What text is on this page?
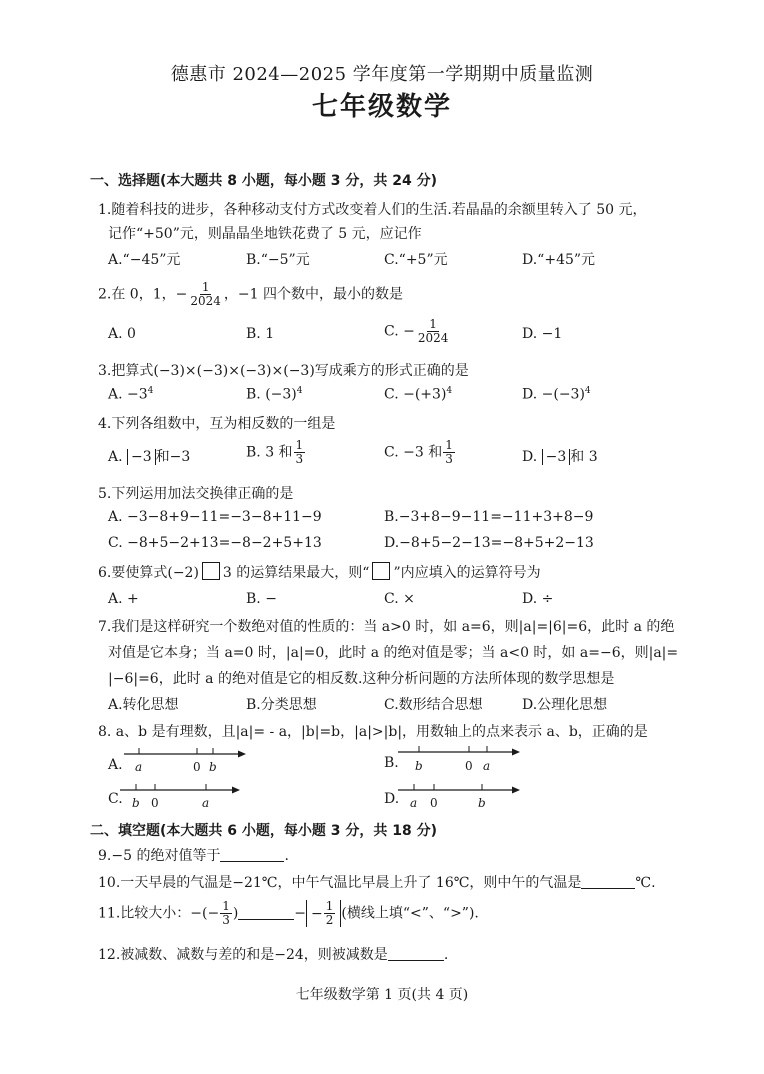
德惠市 2024—2025 学年度第一学期期中质量监测
七年级数学
一、选择题(本大题共 8 小题，每小题 3 分，共 24 分)
1.随着科技的进步，各种移动支付方式改变着人们的生活.若晶晶的余额里转入了 50 元，
记作“+50”元，则晶晶坐地铁花费了 5 元，应记作
A.“−45”元	B.“−5”元	C.“+5”元	D.“+45”元
2.在 0，1，− $\frac{1}{2024}$ ，−1 四个数中，最小的数是
A. 0	B. 1	C. − $\frac{1}{2024}$	D. −1
3.把算式(−3)×(−3)×(−3)×(−3)写成乘方的形式正确的是
A. $-3^4$	B. $(-3)^4$	C. $-(+3)^4$	D. $-(-3)^4$
4.下列各组数中，互为相反数的一组是
A. −3 和−3	B. 3 和 $\frac{1}{3}$	C. −3 和 $\frac{1}{3}$	D. −3 和 3
5.下列运用加法交换律正确的是
A. −3−8+9−11=−3−8+11−9	B.−3+8−9−11=−11+3+8−9
C. −8+5−2+13=−8−2+5+13	D.−8+5−2−13=−8+5+2−13
6.要使算式(−2) 3 的运算结果最大，则“ ”内应填入的运算符号为
A. +	B. −	C. ×	D. ÷
7.我们是这样研究一个数绝对值的性质的：当 a>0 时，如 a=6，则|a|=|6|=6，此时 a 的绝
对值是它本身；当 a=0 时，|a|=0，此时 a 的绝对值是零；当 a<0 时，如 a=−6，则|a|=
|−6|=6，此时 a 的绝对值是它的相反数.这种分析问题的方法所体现的数学思想是
A.转化思想	B.分类思想	C.数形结合思想	D.公理化思想
8. a、b 是有理数，且|a|= - a，|b|=b，|a|>|b|，用数轴上的点来表示 a、b，正确的是
A. a	0 b	B. b	0 a
C. b 0	a	D. a 0	b
二、填空题(本大题共 6 小题，每小题 3 分，共 18 分)
9.−5 的绝对值等于	.
10.一天早晨的气温是−21℃，中午气温比早晨上升了 16℃，则中午的气温是	℃.
11.比较大小：−(− $\frac{1}{3}$ )	− − $\frac{1}{2}$ (横线上填“<”、“>”).
12.被减数、减数与差的和是−24，则被减数是	.
七年级数学第 1 页(共 4 页)
